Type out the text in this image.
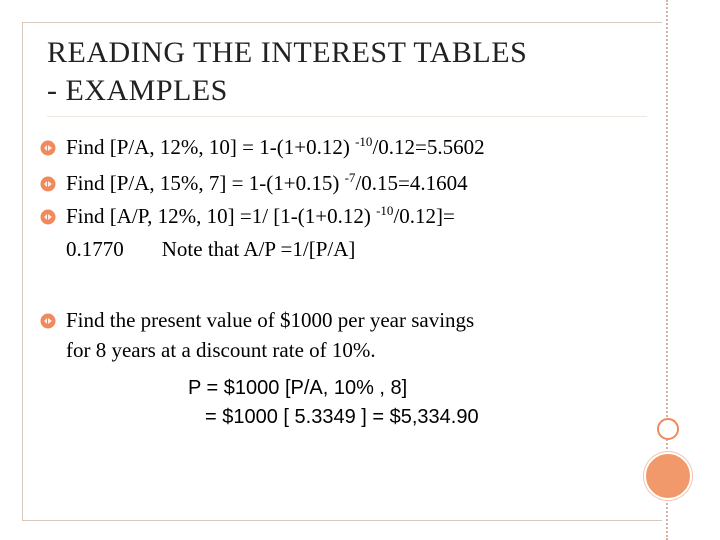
READING THE INTEREST TABLES
- EXAMPLES
Find [P/A, 12%, 10] = 1-(1+0.12) $^{-10}$/0.12=5.5602
Find [P/A, 15%, 7] = 1-(1+0.15) $^{-7}$/0.15=4.1604
Find [A/P, 12%, 10] =1/ [1-(1+0.12) $^{-10}$/0.12]=
0.1770 Note that A/P =1/[P/A]
Find the present value of $1000 per year savings
for 8 years at a discount rate of 10%.
P = $1000 [P/A, 10% , 8]
= $1000 [ 5.3349 ] = $5,334.90
